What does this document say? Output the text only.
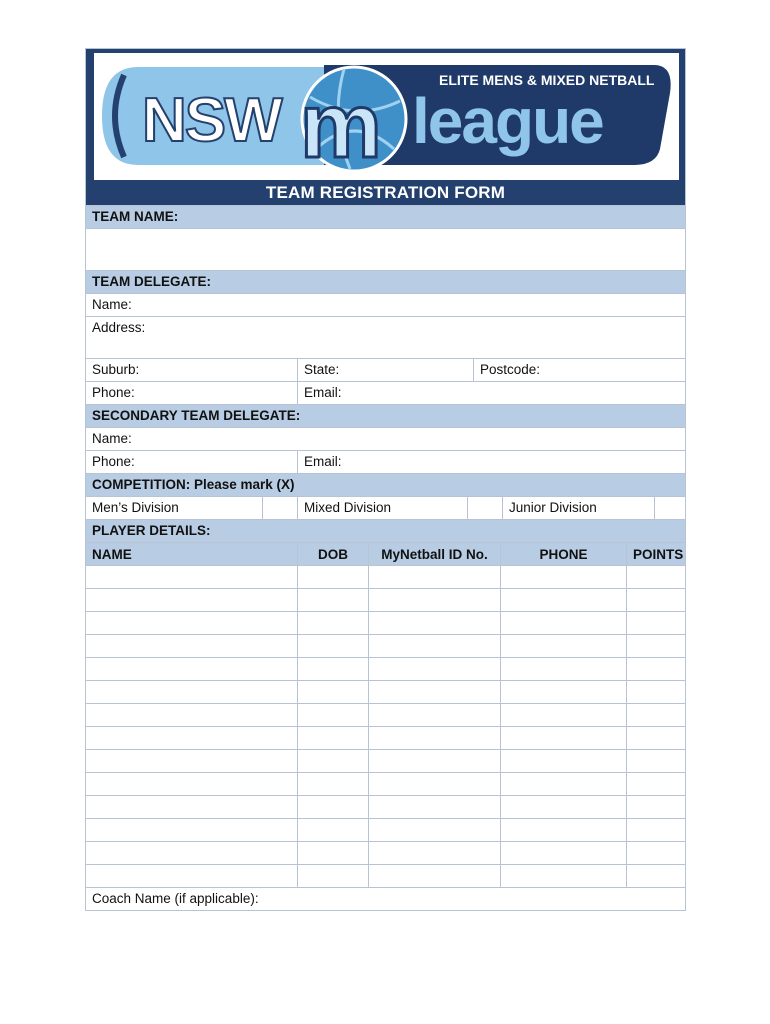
NSW m league
ELITE MENS & MIXED NETBALL
TEAM REGISTRATION FORM
TEAM NAME:
TEAM DELEGATE:
Name:
Address:
Suburb:	State:	Postcode:
Phone:	Email:
SECONDARY TEAM DELEGATE:
Name:
Phone:	Email:
COMPETITION: Please mark (X)
Men’s Division	Mixed Division	Junior Division
PLAYER DETAILS:
NAME	DOB	MyNetball ID No.	PHONE	POINTS
Coach Name (if applicable):
